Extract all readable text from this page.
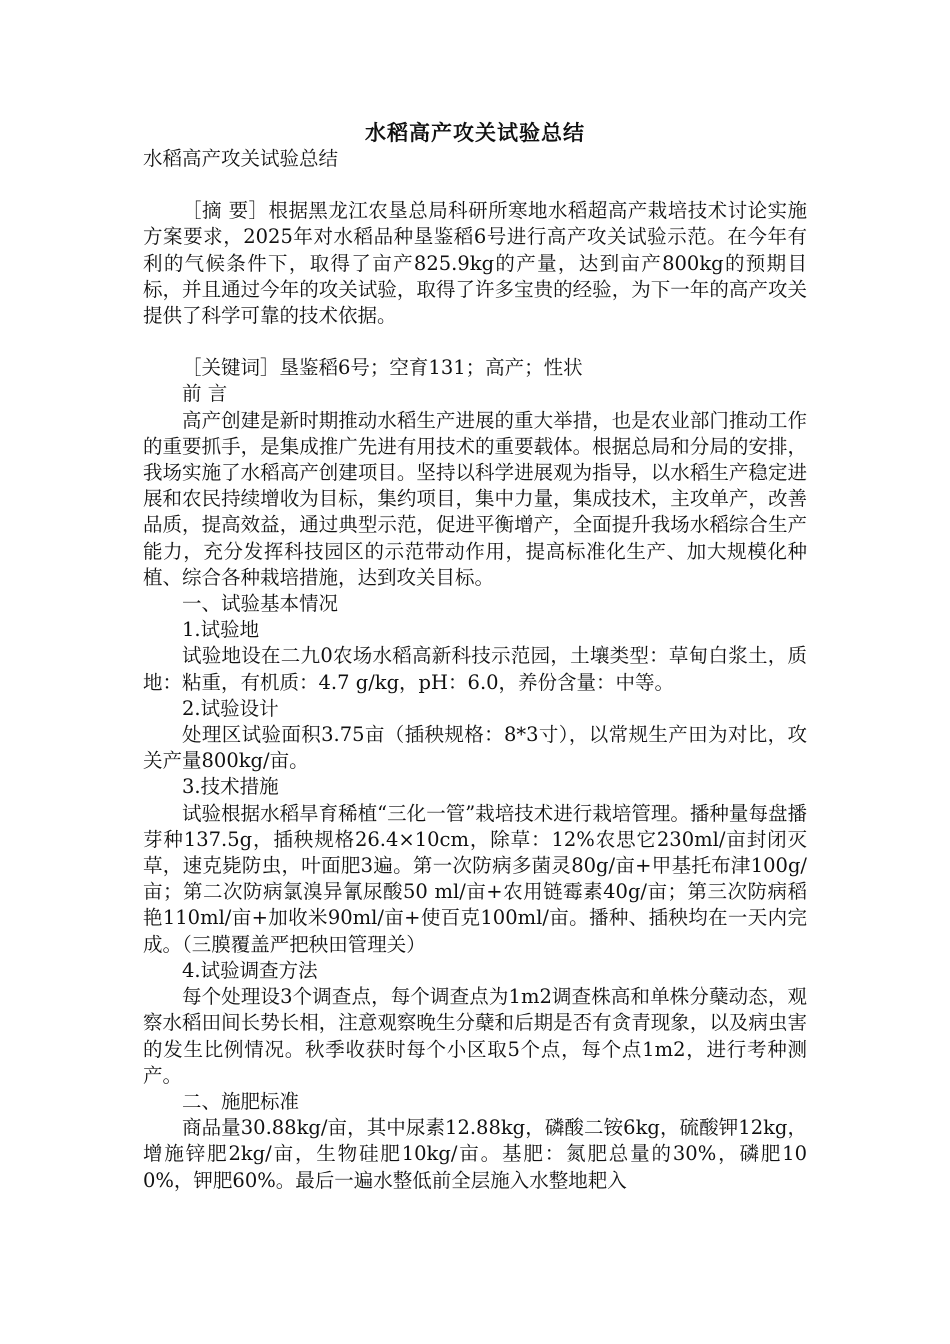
水稻高产攻关试验总结

水稻高产攻关试验总结

［摘 要］根据黑龙江农垦总局科研所寒地水稻超高产栽培技术讨论实施方案要求，2025年对水稻品种垦鉴稻6号进行高产攻关试验示范。在今年有利的气候条件下，取得了亩产825.9kg的产量，达到亩产800kg的预期目标，并且通过今年的攻关试验，取得了许多宝贵的经验，为下一年的高产攻关提供了科学可靠的技术依据。

［关键词］垦鉴稻6号；空育131；高产；性状

前 言

高产创建是新时期推动水稻生产进展的重大举措，也是农业部门推动工作的重要抓手，是集成推广先进有用技术的重要载体。根据总局和分局的安排，我场实施了水稻高产创建项目。坚持以科学进展观为指导，以水稻生产稳定进展和农民持续增收为目标，集约项目，集中力量，集成技术，主攻单产，改善品质，提高效益，通过典型示范，促进平衡增产，全面提升我场水稻综合生产能力，充分发挥科技园区的示范带动作用，提高标准化生产、加大规模化种植、综合各种栽培措施，达到攻关目标。

一、试验基本情况

1.试验地

试验地设在二九0农场水稻高新科技示范园，土壤类型：草甸白浆土，质地：粘重，有机质：4.7 g/kg，pH：6.0，养份含量：中等。

2.试验设计

处理区试验面积3.75亩（插秧规格：8*3寸），以常规生产田为对比，攻关产量800kg/亩。

3.技术措施

试验根据水稻旱育稀植“三化一管”栽培技术进行栽培管理。播种量每盘播芽种137.5g，插秧规格26.4×10cm，除草：12%农思它230ml/亩封闭灭草，速克毙防虫，叶面肥3遍。第一次防病多菌灵80g/亩+甲基托布津100g/亩；第二次防病氯溴异氰尿酸50 ml/亩+农用链霉素40g/亩；第三次防病稻艳110ml/亩+加收米90ml/亩+使百克100ml/亩。播种、插秧均在一天内完成。（三膜覆盖严把秧田管理关）

4.试验调查方法

每个处理设3个调查点，每个调查点为1m2调查株高和单株分蘖动态，观察水稻田间长势长相，注意观察晚生分蘖和后期是否有贪青现象，以及病虫害的发生比例情况。秋季收获时每个小区取5个点，每个点1m2，进行考种测产。

二、施肥标准

商品量30.88kg/亩，其中尿素12.88kg，磷酸二铵6kg，硫酸钾12kg，增施锌肥2kg/亩，生物硅肥10kg/亩。基肥：氮肥总量的30%，磷肥100%，钾肥60%。最后一遍水整低前全层施入水整地耙入
